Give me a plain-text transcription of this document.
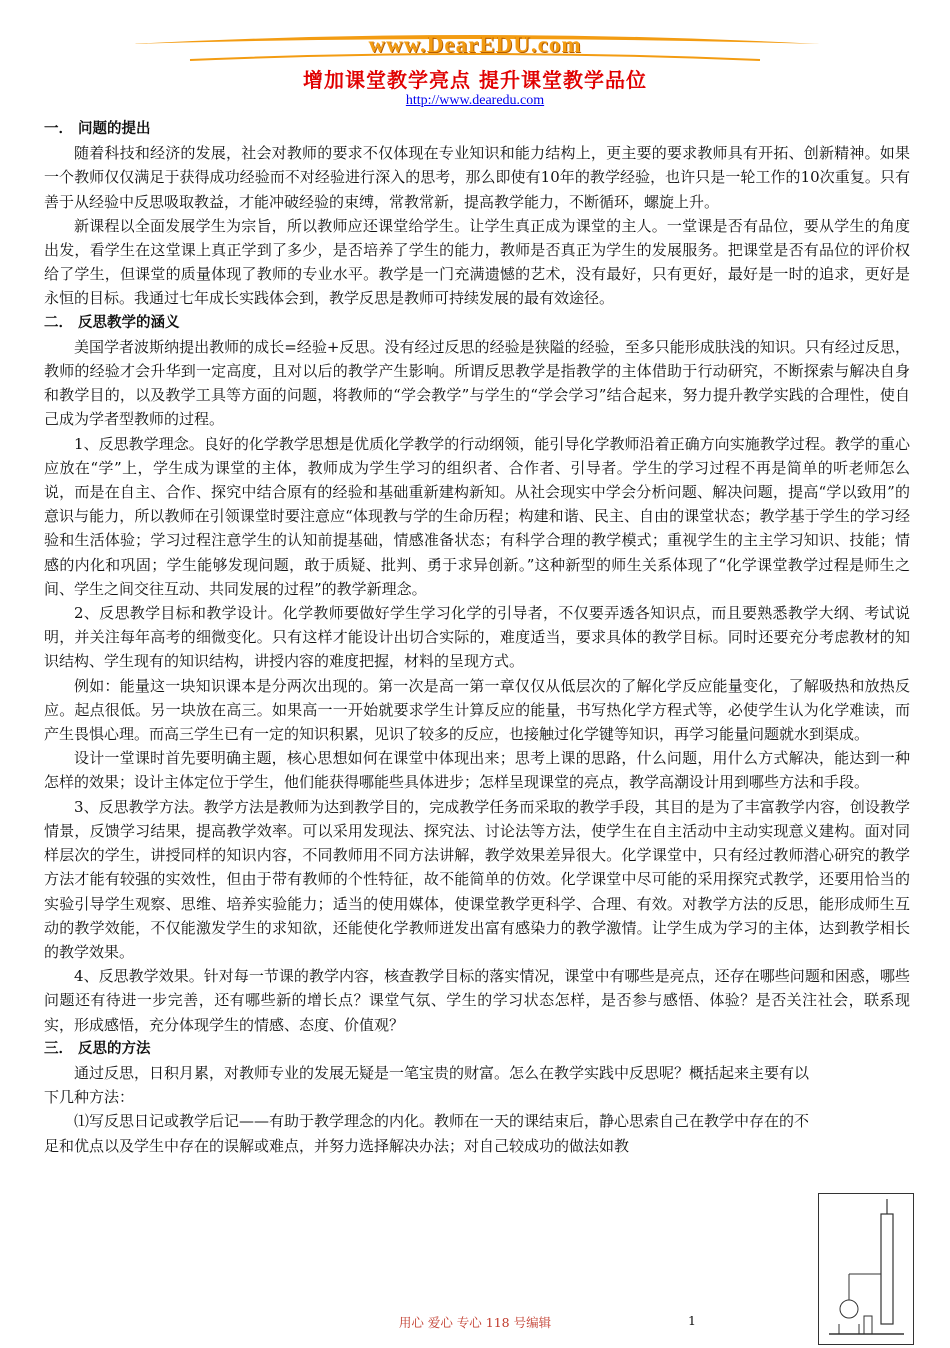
www.DearEDU.com
增加课堂教学亮点 提升课堂教学品位
http://www.dearedu.com
一． 问题的提出

随着科技和经济的发展，社会对教师的要求不仅体现在专业知识和能力结构上，更主要的要求教师具有开拓、创新精神。如果一个教师仅仅满足于获得成功经验而不对经验进行深入的思考，那么即使有10年的教学经验，也许只是一轮工作的10次重复。只有善于从经验中反思吸取教益，才能冲破经验的束缚，常教常新，提高教学能力，不断循环，螺旋上升。

新课程以全面发展学生为宗旨，所以教师应还课堂给学生。让学生真正成为课堂的主人。一堂课是否有品位，要从学生的角度出发，看学生在这堂课上真正学到了多少，是否培养了学生的能力，教师是否真正为学生的发展服务。把课堂是否有品位的评价权给了学生，但课堂的质量体现了教师的专业水平。教学是一门充满遗憾的艺术，没有最好，只有更好，最好是一时的追求，更好是永恒的目标。我通过七年成长实践体会到，教学反思是教师可持续发展的最有效途径。

二． 反思教学的涵义

美国学者波斯纳提出教师的成长=经验+反思。没有经过反思的经验是狭隘的经验，至多只能形成肤浅的知识。只有经过反思，教师的经验才会升华到一定高度，且对以后的教学产生影响。所谓反思教学是指教学的主体借助于行动研究，不断探索与解决自身和教学目的，以及教学工具等方面的问题，将教师的“学会教学”与学生的“学会学习”结合起来，努力提升教学实践的合理性，使自己成为学者型教师的过程。

1、反思教学理念。良好的化学教学思想是优质化学教学的行动纲领，能引导化学教师沿着正确方向实施教学过程。教学的重心应放在“学”上，学生成为课堂的主体，教师成为学生学习的组织者、合作者、引导者。学生的学习过程不再是简单的听老师怎么说，而是在自主、合作、探究中结合原有的经验和基础重新建构新知。从社会现实中学会分析问题、解决问题，提高“学以致用”的意识与能力，所以教师在引领课堂时要注意应“体现教与学的生命历程；构建和谐、民主、自由的课堂状态；教学基于学生的学习经验和生活体验；学习过程注意学生的认知前提基础，情感准备状态；有科学合理的教学模式；重视学生的主主学习知识、技能；情感的内化和巩固；学生能够发现问题，敢于质疑、批判、勇于求异创新。”这种新型的师生关系体现了“化学课堂教学过程是师生之间、学生之间交往互动、共同发展的过程”的教学新理念。

2、反思教学目标和教学设计。化学教师要做好学生学习化学的引导者，不仅要弄透各知识点，而且要熟悉教学大纲、考试说明，并关注每年高考的细微变化。只有这样才能设计出切合实际的，难度适当，要求具体的教学目标。同时还要充分考虑教材的知识结构、学生现有的知识结构，讲授内容的难度把握，材料的呈现方式。

例如：能量这一块知识课本是分两次出现的。第一次是高一第一章仅仅从低层次的了解化学反应能量变化，了解吸热和放热反应。起点很低。另一块放在高三。如果高一一开始就要求学生计算反应的能量，书写热化学方程式等，必使学生认为化学难读，而产生畏惧心理。而高三学生已有一定的知识积累，见识了较多的反应，也接触过化学键等知识，再学习能量问题就水到渠成。

设计一堂课时首先要明确主题，核心思想如何在课堂中体现出来；思考上课的思路，什么问题，用什么方式解决，能达到一种怎样的效果；设计主体定位于学生，他们能获得哪能些具体进步；怎样呈现课堂的亮点，教学高潮设计用到哪些方法和手段。

3、反思教学方法。教学方法是教师为达到教学目的，完成教学任务而采取的教学手段，其目的是为了丰富教学内容，创设教学情景，反馈学习结果，提高教学效率。可以采用发现法、探究法、讨论法等方法，使学生在自主活动中主动实现意义建构。面对同样层次的学生，讲授同样的知识内容，不同教师用不同方法讲解，教学效果差异很大。化学课堂中，只有经过教师潜心研究的教学方法才能有较强的实效性，但由于带有教师的个性特征，故不能简单的仿效。化学课堂中尽可能的采用探究式教学，还要用恰当的实验引导学生观察、思维、培养实验能力；适当的使用媒体，使课堂教学更科学、合理、有效。对教学方法的反思，能形成师生互动的教学效能，不仅能激发学生的求知欲，还能使化学教师迸发出富有感染力的教学激情。让学生成为学习的主体，达到教学相长的教学效果。

4、反思教学效果。针对每一节课的教学内容，核查教学目标的落实情况，课堂中有哪些是亮点，还存在哪些问题和困惑，哪些问题还有待进一步完善，还有哪些新的增长点？课堂气氛、学生的学习状态怎样，是否参与感悟、体验？是否关注社会，联系现实，形成感悟，充分体现学生的情感、态度、价值观？

三． 反思的方法

通过反思，日积月累，对教师专业的发展无疑是一笔宝贵的财富。怎么在教学实践中反思呢？概括起来主要有以下几种方法：

⑴写反思日记或教学后记——有助于教学理念的内化。教师在一天的课结束后，静心思索自己在教学中存在的不足和优点以及学生中存在的误解或难点，并努力选择解决办法；对自己较成功的做法如教

用心 爱心 专心 118 号编辑	1
